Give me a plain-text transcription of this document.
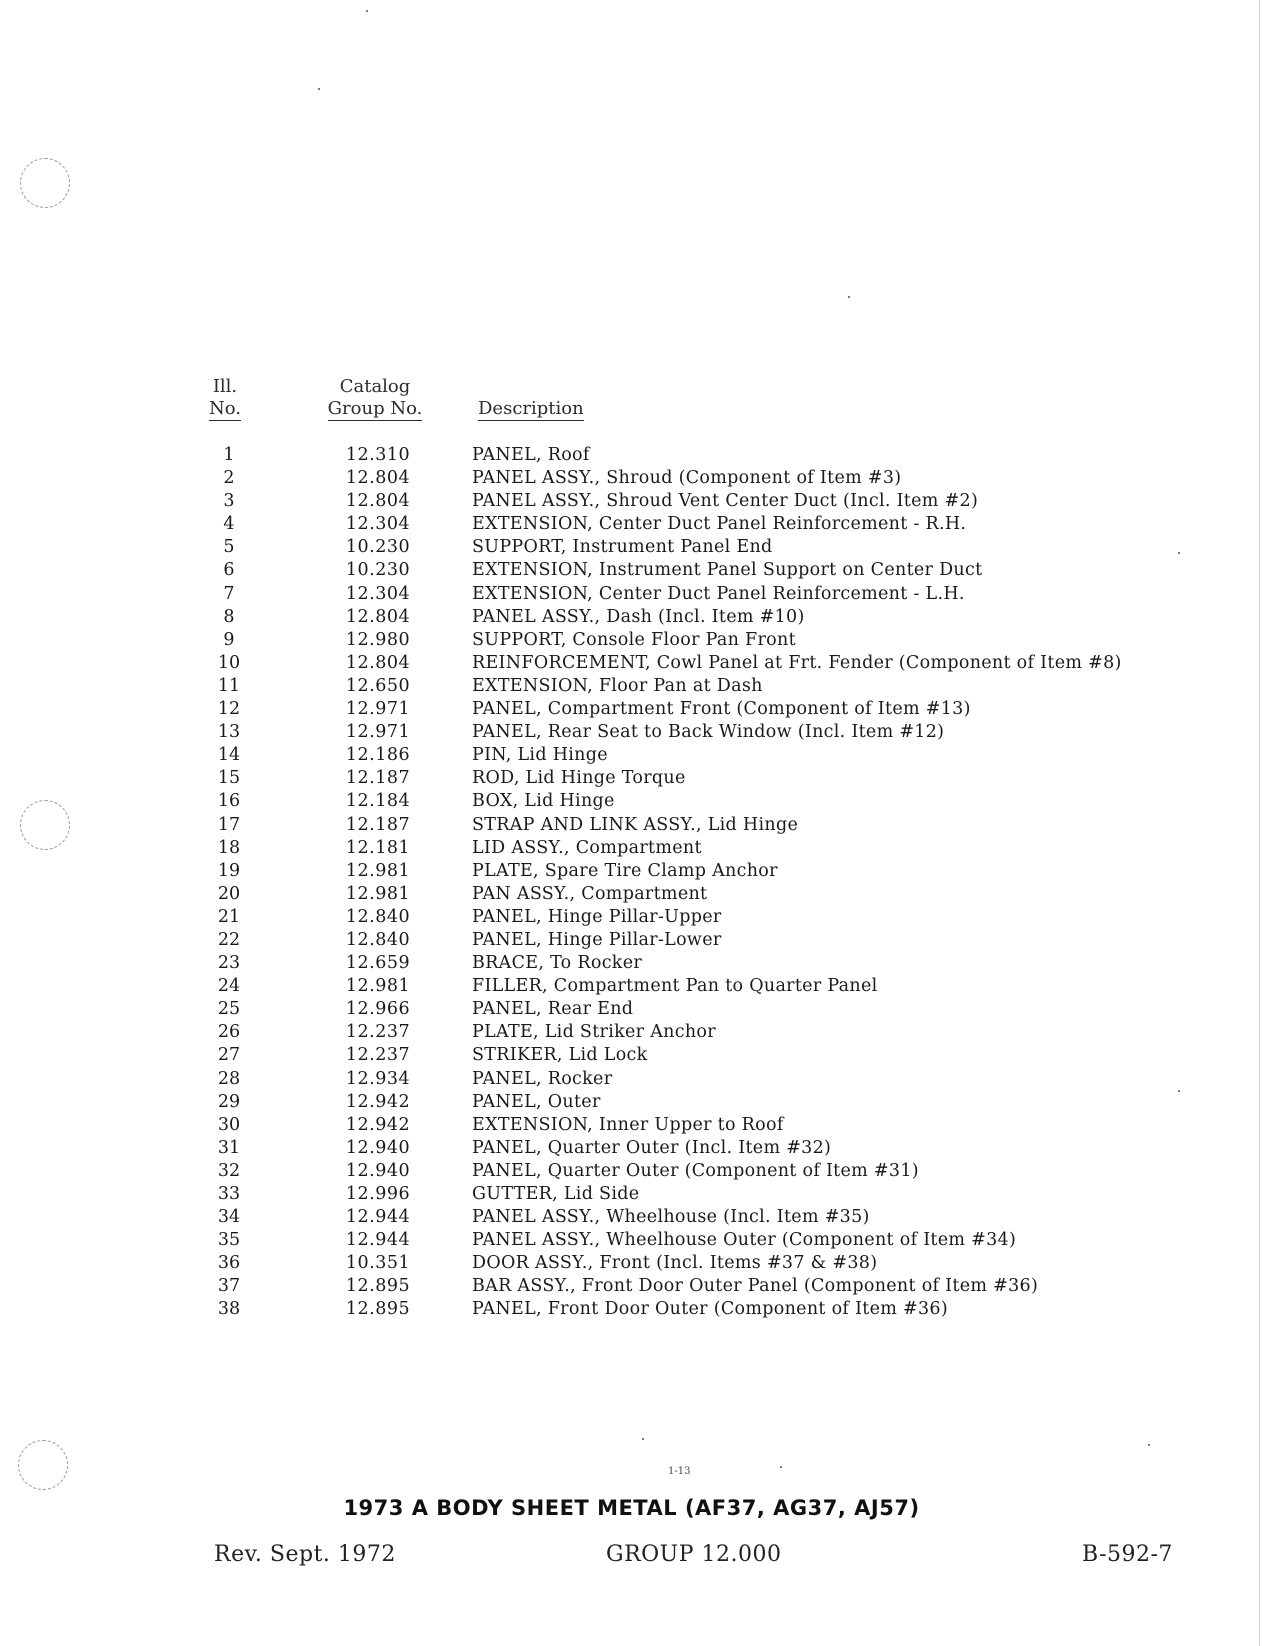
Ill.
No.
Catalog
Group No.	Description
1	12.310	PANEL, Roof
2	12.804	PANEL ASSY., Shroud (Component of Item #3)
3	12.804	PANEL ASSY., Shroud Vent Center Duct (Incl. Item #2)
4	12.304	EXTENSION, Center Duct Panel Reinforcement - R.H.
5	10.230	SUPPORT, Instrument Panel End
6	10.230	EXTENSION, Instrument Panel Support on Center Duct
7	12.304	EXTENSION, Center Duct Panel Reinforcement - L.H.
8	12.804	PANEL ASSY., Dash (Incl. Item #10)
9	12.980	SUPPORT, Console Floor Pan Front
10	12.804	REINFORCEMENT, Cowl Panel at Frt. Fender (Component of Item #8)
11	12.650	EXTENSION, Floor Pan at Dash
12	12.971	PANEL, Compartment Front (Component of Item #13)
13	12.971	PANEL, Rear Seat to Back Window (Incl. Item #12)
14	12.186	PIN, Lid Hinge
15	12.187	ROD, Lid Hinge Torque
16	12.184	BOX, Lid Hinge
17	12.187	STRAP AND LINK ASSY., Lid Hinge
18	12.181	LID ASSY., Compartment
19	12.981	PLATE, Spare Tire Clamp Anchor
20	12.981	PAN ASSY., Compartment
21	12.840	PANEL, Hinge Pillar-Upper
22	12.840	PANEL, Hinge Pillar-Lower
23	12.659	BRACE, To Rocker
24	12.981	FILLER, Compartment Pan to Quarter Panel
25	12.966	PANEL, Rear End
26	12.237	PLATE, Lid Striker Anchor
27	12.237	STRIKER, Lid Lock
28	12.934	PANEL, Rocker
29	12.942	PANEL, Outer
30	12.942	EXTENSION, Inner Upper to Roof
31	12.940	PANEL, Quarter Outer (Incl. Item #32)
32	12.940	PANEL, Quarter Outer (Component of Item #31)
33	12.996	GUTTER, Lid Side
34	12.944	PANEL ASSY., Wheelhouse (Incl. Item #35)
35	12.944	PANEL ASSY., Wheelhouse Outer (Component of Item #34)
36	10.351	DOOR ASSY., Front (Incl. Items #37 & #38)
37	12.895	BAR ASSY., Front Door Outer Panel (Component of Item #36)
38	12.895	PANEL, Front Door Outer (Component of Item #36)
1-13
1973 A BODY SHEET METAL (AF37, AG37, AJ57)
Rev. Sept. 1972	GROUP 12.000	B-592-7
